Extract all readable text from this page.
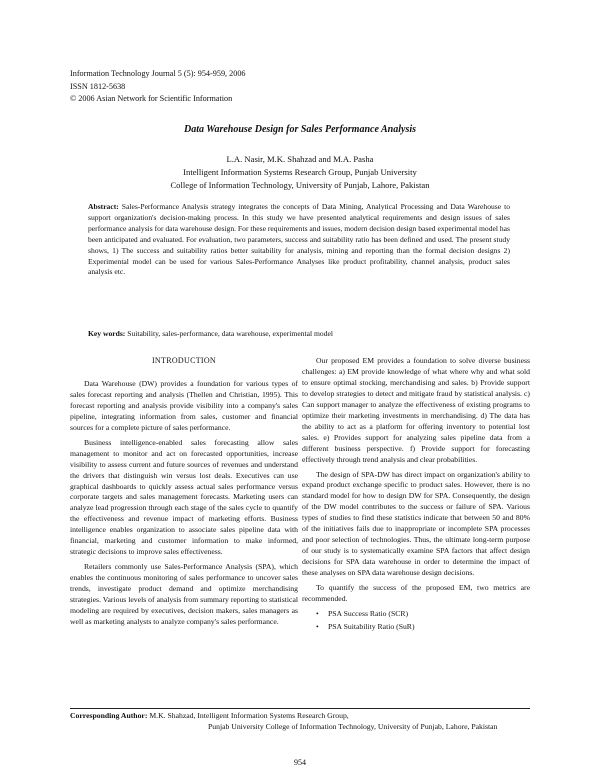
Information Technology Journal 5 (5): 954-959, 2006
ISSN 1812-5638
© 2006 Asian Network for Scientific Information
Data Warehouse Design for Sales Performance Analysis
L.A. Nasir, M.K. Shahzad and M.A. Pasha
Intelligent Information Systems Research Group, Punjab University
College of Information Technology, University of Punjab, Lahore, Pakistan
Abstract: Sales-Performance Analysis strategy integrates the concepts of Data Mining, Analytical Processing and Data Warehouse to support organization's decision-making process. In this study we have presented analytical requirements and design issues of sales performance analysis for data warehouse design. For these requirements and issues, modern decision design based experimental model has been anticipated and evaluated. For evaluation, two parameters, success and suitability ratio has been defined and used. The present study shows, 1) The success and suitability ratios better suitability for analysis, mining and reporting than the formal decision designs 2) Experimental model can be used for various Sales-Performance Analyses like product profitability, channel analysis, product sales analysis etc.
Key words: Suitability, sales-performance, data warehouse, experimental model

INTRODUCTION

Data Warehouse (DW) provides a foundation for various types of sales forecast reporting and analysis (Thellen and Christian, 1995). This forecast reporting and analysis provide visibility into a company's sales pipeline, integrating information from sales, customer and financial sources for a complete picture of sales performance.

Business intelligence-enabled sales forecasting allow sales management to monitor and act on forecasted opportunities, increase visibility to assess current and future sources of revenues and understand the drivers that distinguish win versus lost deals. Executives can use graphical dashboards to quickly assess actual sales performance versus corporate targets and sales management forecasts. Marketing users can analyze lead progression through each stage of the sales cycle to quantify the effectiveness and revenue impact of marketing efforts. Business intelligence enables organization to associate sales pipeline data with financial, marketing and customer information to make informed, strategic decisions to improve sales effectiveness.

Retailers commonly use Sales-Performance Analysis (SPA), which enables the continuous monitoring of sales performance to uncover sales trends, investigate product demand and optimize merchandising strategies. Various levels of analysis from summary reporting to statistical modeling are required by executives, decision makers, sales managers as well as marketing analysts to analyze company's sales performance.

Our proposed EM provides a foundation to solve diverse business challenges: a) EM provide knowledge of what where why and what sold to ensure optimal stocking, merchandising and sales. b) Provide support to develop strategies to detect and mitigate fraud by statistical analysis. c) Can support manager to analyze the effectiveness of existing programs to optimize their marketing investments in merchandising. d) The data has the ability to act as a platform for offering inventory to potential lost sales. e) Provides support for analyzing sales pipeline data from a different business perspective. f) Provide support for forecasting effectively through trend analysis and clear probabilities.

The design of SPA-DW has direct impact on organization's ability to expand product exchange specific to product sales. However, there is no standard model for how to design DW for SPA. Consequently, the design of the DW model contributes to the success or failure of SPA. Various types of studies to find these statistics indicate that between 50 and 80% of the initiatives fails due to inappropriate or incomplete SPA processes and poor selection of technologies. Thus, the ultimate long-term purpose of our study is to systematically examine SPA factors that affect design decisions for SPA data warehouse in order to determine the impact of these analyses on SPA data warehouse design decisions.

To quantify the success of the proposed EM, two metrics are recommended.

• PSA Success Ratio (SCR)
• PSA Suitability Ratio (SuR)
Corresponding Author: M.K. Shahzad, Intelligent Information Systems Research Group,
Punjab University College of Information Technology, University of Punjab, Lahore, Pakistan
954
